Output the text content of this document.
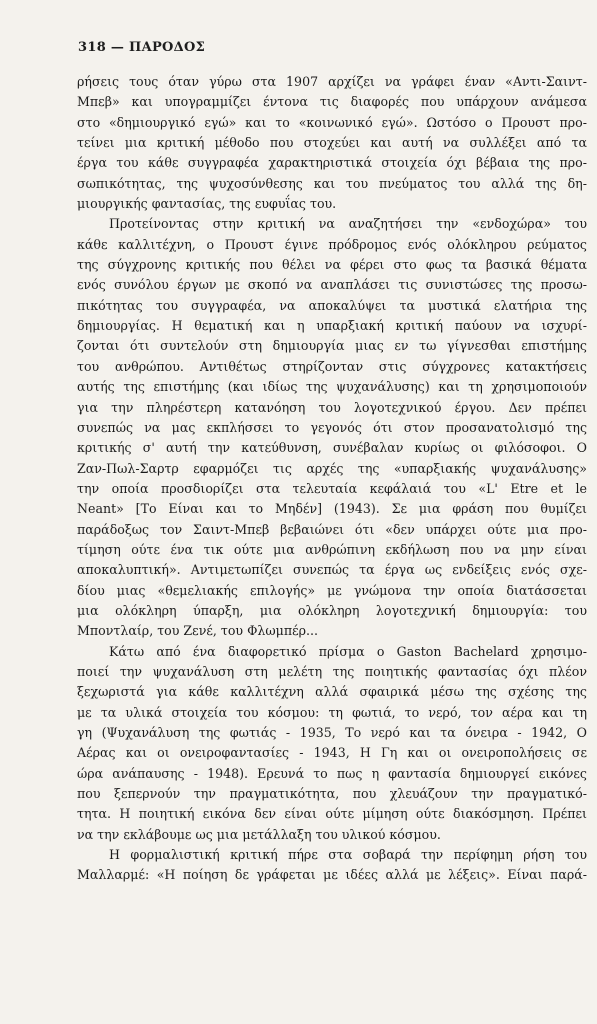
318 — ΠΑΡΟΔΟΣ
ρήσεις τους όταν γύρω στα 1907 αρχίζει να γράφει έναν «Αντι-Σαιντ-
Μπεβ» και υπογραμμίζει έντονα τις διαφορές που υπάρχουν ανάμεσα
στο «δημιουργικό εγώ» και το «κοινωνικό εγώ». Ωστόσο ο Προυστ προ-
τείνει μια κριτική μέθοδο που στοχεύει και αυτή να συλλέξει από τα
έργα του κάθε συγγραφέα χαρακτηριστικά στοιχεία όχι βέβαια της προ-
σωπικότητας, της ψυχοσύνθεσης και του πνεύματος του αλλά της δη-
μιουργικής φαντασίας, της ευφυΐας του.
Προτείνοντας στην κριτική να αναζητήσει την «ενδοχώρα» του
κάθε καλλιτέχνη, ο Προυστ έγινε πρόδρομος ενός ολόκληρου ρεύματος
της σύγχρονης κριτικής που θέλει να φέρει στο φως τα βασικά θέματα
ενός συνόλου έργων με σκοπό να αναπλάσει τις συνιστώσες της προσω-
πικότητας του συγγραφέα, να αποκαλύψει τα μυστικά ελατήρια της
δημιουργίας. Η θεματική και η υπαρξιακή κριτική παύουν να ισχυρί-
ζονται ότι συντελούν στη δημιουργία μιας εν τω γίγνεσθαι επιστήμης
του ανθρώπου. Αντιθέτως στηρίζονταν στις σύγχρονες κατακτήσεις
αυτής της επιστήμης (και ιδίως της ψυχανάλυσης) και τη χρησιμοποιούν
για την πληρέστερη κατανόηση του λογοτεχνικού έργου. Δεν πρέπει
συνεπώς να μας εκπλήσσει το γεγονός ότι στον προσανατολισμό της
κριτικής σ' αυτή την κατεύθυνση, συνέβαλαν κυρίως οι φιλόσοφοι. Ο
Ζαν-Πωλ-Σαρτρ εφαρμόζει τις αρχές της «υπαρξιακής ψυχανάλυσης»
την οποία προσδιορίζει στα τελευταία κεφάλαιά του «L' Etre et le
Neant» [Το Είναι και το Μηδέν] (1943). Σε μια φράση που θυμίζει
παράδοξως τον Σαιντ-Μπεβ βεβαιώνει ότι «δεν υπάρχει ούτε μια προ-
τίμηση ούτε ένα τικ ούτε μια ανθρώπινη εκδήλωση που να μην είναι
αποκαλυπτική». Αντιμετωπίζει συνεπώς τα έργα ως ενδείξεις ενός σχε-
δίου μιας «θεμελιακής επιλογής» με γνώμονα την οποία διατάσσεται
μια ολόκληρη ύπαρξη, μια ολόκληρη λογοτεχνική δημιουργία: του
Μποντλαίρ, του Ζενέ, του Φλωμπέρ...
Κάτω από ένα διαφορετικό πρίσμα ο Gaston Bachelard χρησιμο-
ποιεί την ψυχανάλυση στη μελέτη της ποιητικής φαντασίας όχι πλέον
ξεχωριστά για κάθε καλλιτέχνη αλλά σφαιρικά μέσω της σχέσης της
με τα υλικά στοιχεία του κόσμου: τη φωτιά, το νερό, τον αέρα και τη
γη (Ψυχανάλυση της φωτιάς - 1935, Το νερό και τα όνειρα - 1942, Ο
Αέρας και οι ονειροφαντασίες - 1943, Η Γη και οι ονειροπολήσεις σε
ώρα ανάπαυσης - 1948). Ερευνά το πως η φαντασία δημιουργεί εικόνες
που ξεπερνούν την πραγματικότητα, που χλευάζουν την πραγματικό-
τητα. Η ποιητική εικόνα δεν είναι ούτε μίμηση ούτε διακόσμηση. Πρέπει
να την εκλάβουμε ως μια μετάλλαξη του υλικού κόσμου.
Η φορμαλιστική κριτική πήρε στα σοβαρά την περίφημη ρήση του
Μαλλαρμέ: «Η ποίηση δε γράφεται με ιδέες αλλά με λέξεις». Είναι παρά-
